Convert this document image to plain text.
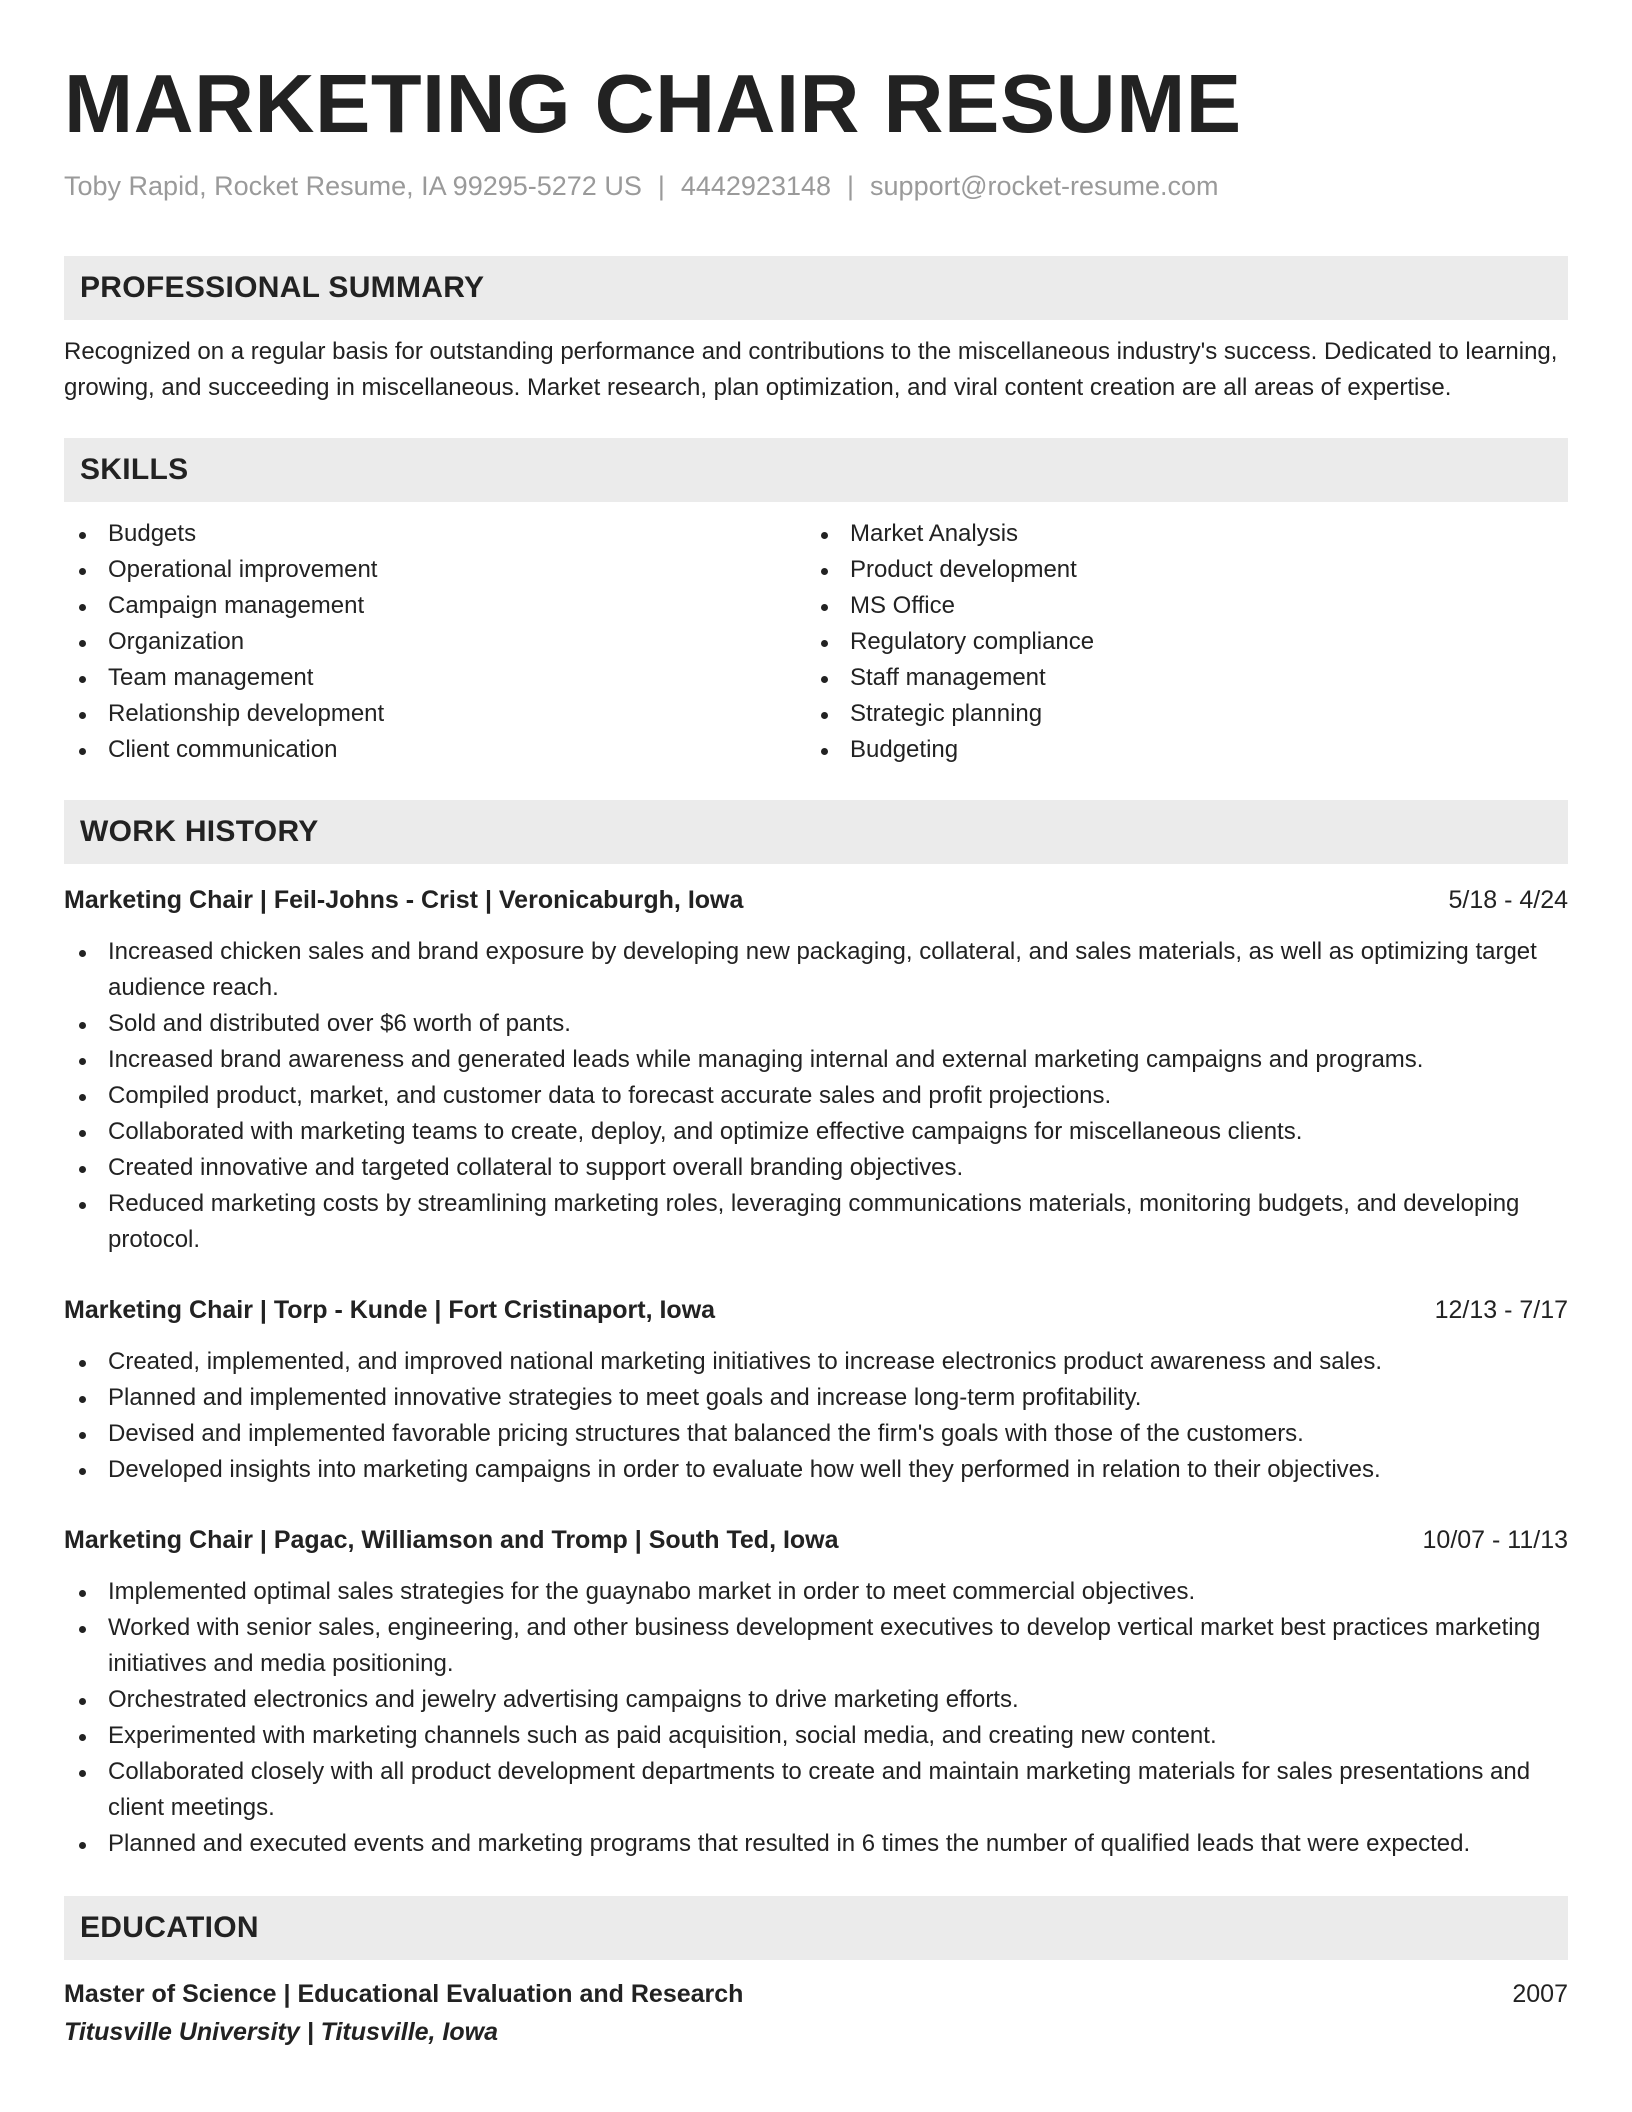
MARKETING CHAIR RESUME
Toby Rapid, Rocket Resume, IA 99295-5272 US | 4442923148 | support@rocket-resume.com
PROFESSIONAL SUMMARY

Recognized on a regular basis for outstanding performance and contributions to the miscellaneous industry's success. Dedicated to learning, growing, and succeeding in miscellaneous. Market research, plan optimization, and viral content creation are all areas of expertise.

SKILLS
Budgets
Operational improvement
Campaign management
Organization
Team management
Relationship development
Client communication
Market Analysis
Product development
MS Office
Regulatory compliance
Staff management
Strategic planning
Budgeting
WORK HISTORY
Marketing Chair | Feil-Johns - Crist | Veronicaburgh, Iowa	5/18 - 4/24
Increased chicken sales and brand exposure by developing new packaging, collateral, and sales materials, as well as optimizing target audience reach.
Sold and distributed over $6 worth of pants.
Increased brand awareness and generated leads while managing internal and external marketing campaigns and programs.
Compiled product, market, and customer data to forecast accurate sales and profit projections.
Collaborated with marketing teams to create, deploy, and optimize effective campaigns for miscellaneous clients.
Created innovative and targeted collateral to support overall branding objectives.
Reduced marketing costs by streamlining marketing roles, leveraging communications materials, monitoring budgets, and developing protocol.
Marketing Chair | Torp - Kunde | Fort Cristinaport, Iowa	12/13 - 7/17
Created, implemented, and improved national marketing initiatives to increase electronics product awareness and sales.
Planned and implemented innovative strategies to meet goals and increase long-term profitability.
Devised and implemented favorable pricing structures that balanced the firm's goals with those of the customers.
Developed insights into marketing campaigns in order to evaluate how well they performed in relation to their objectives.
Marketing Chair | Pagac, Williamson and Tromp | South Ted, Iowa	10/07 - 11/13
Implemented optimal sales strategies for the guaynabo market in order to meet commercial objectives.
Worked with senior sales, engineering, and other business development executives to develop vertical market best practices marketing initiatives and media positioning.
Orchestrated electronics and jewelry advertising campaigns to drive marketing efforts.
Experimented with marketing channels such as paid acquisition, social media, and creating new content.
Collaborated closely with all product development departments to create and maintain marketing materials for sales presentations and client meetings.
Planned and executed events and marketing programs that resulted in 6 times the number of qualified leads that were expected.
EDUCATION
Master of Science | Educational Evaluation and Research	2007
Titusville University | Titusville, Iowa
